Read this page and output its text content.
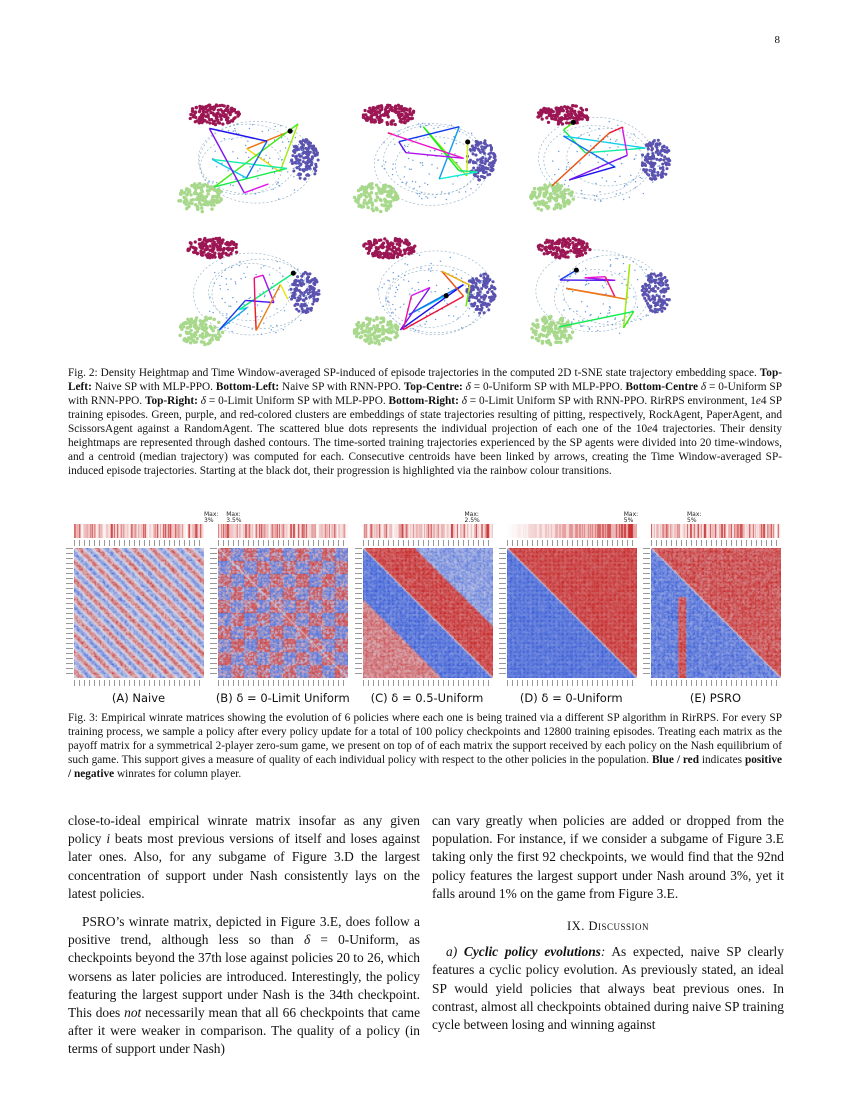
8
Fig. 2: Density Heightmap and Time Window-averaged SP-induced of episode trajectories in the computed 2D t-SNE state trajectory embedding space. Top-Left: Naive SP with MLP-PPO. Bottom-Left: Naive SP with RNN-PPO. Top-Centre: δ = 0-Uniform SP with MLP-PPO. Bottom-Centre δ = 0-Uniform SP with RNN-PPO. Top-Right: δ = 0-Limit Uniform SP with MLP-PPO. Bottom-Right: δ = 0-Limit Uniform SP with RNN-PPO. RirRPS environment, 1e4 SP training episodes. Green, purple, and red-colored clusters are embeddings of state trajectories resulting of pitting, respectively, RockAgent, PaperAgent, and ScissorsAgent against a RandomAgent. The scattered blue dots represents the individual projection of each one of the 10e4 trajectories. Their density heightmaps are represented through dashed contours. The time-sorted training trajectories experienced by the SP agents were divided into 20 time-windows, and a centroid (median trajectory) was computed for each. Consecutive centroids have been linked by arrows, creating the Time Window-averaged SP-induced episode trajectories. Starting at the black dot, their progression is highlighted via the rainbow colour transitions.
Max:
3%
(A) Naive
Max:
3.5%
(B) δ = 0-Limit Uniform
Max:
2.5%
(C) δ = 0.5-Uniform
Max:
5%
(D) δ = 0-Uniform
Max:
5%
(E) PSRO
Fig. 3: Empirical winrate matrices showing the evolution of 6 policies where each one is being trained via a different SP algorithm in RirRPS. For every SP training process, we sample a policy after every policy update for a total of 100 policy checkpoints and 12800 training episodes. Treating each matrix as the payoff matrix for a symmetrical 2-player zero-sum game, we present on top of of each matrix the support received by each policy on the Nash equilibrium of such game. This support gives a measure of quality of each individual policy with respect to the other policies in the population. Blue / red indicates positive / negative winrates for column player.

close-to-ideal empirical winrate matrix insofar as any given policy i beats most previous versions of itself and loses against later ones. Also, for any subgame of Figure 3.D the largest concentration of support under Nash consistently lays on the latest policies.

PSRO’s winrate matrix, depicted in Figure 3.E, does follow a positive trend, although less so than δ = 0-Uniform, as checkpoints beyond the 37th lose against policies 20 to 26, which worsens as later policies are introduced. Interestingly, the policy featuring the largest support under Nash is the 34th checkpoint. This does not necessarily mean that all 66 checkpoints that came after it were weaker in comparison. The quality of a policy (in terms of support under Nash)

can vary greatly when policies are added or dropped from the population. For instance, if we consider a subgame of Figure 3.E taking only the first 92 checkpoints, we would find that the 92nd policy features the largest support under Nash around 3%, yet it falls around 1% on the game from Figure 3.E.

IX. Discussion

a) Cyclic policy evolutions: As expected, naive SP clearly features a cyclic policy evolution. As previously stated, an ideal SP would yield policies that always beat previous ones. In contrast, almost all checkpoints obtained during naive SP training cycle between losing and winning against
